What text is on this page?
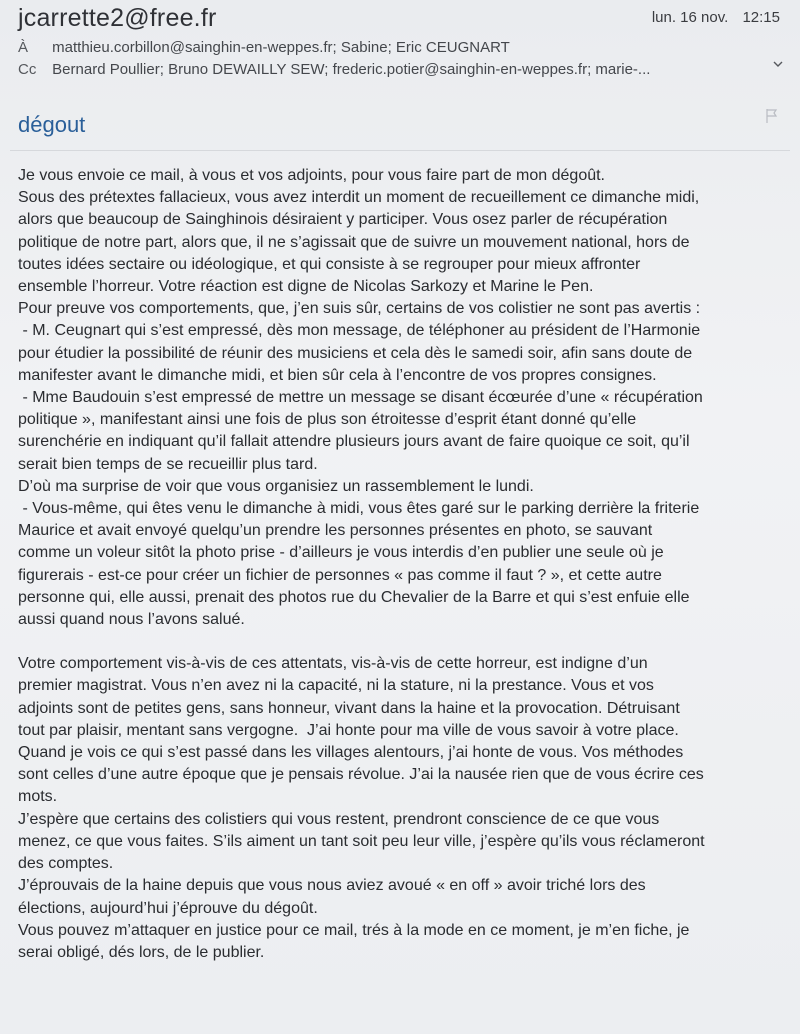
jcarrette2@free.fr	lun. 16 nov. 12:15
À matthieu.corbillon@sainghin-en-weppes.fr; Sabine; Eric CEUGNART
Cc Bernard Poullier; Bruno DEWAILLY SEW; frederic.potier@sainghin-en-weppes.fr; marie-...
dégout

Je vous envoie ce mail, à vous et vos adjoints, pour vous faire part de mon dégoût.

Sous des prétextes fallacieux, vous avez interdit un moment de recueillement ce dimanche midi,

alors que beaucoup de Sainghinois désiraient y participer. Vous osez parler de récupération

politique de notre part, alors que, il ne s’agissait que de suivre un mouvement national, hors de

toutes idées sectaire ou idéologique, et qui consiste à se regrouper pour mieux affronter

ensemble l’horreur. Votre réaction est digne de Nicolas Sarkozy et Marine le Pen.

Pour preuve vos comportements, que, j’en suis sûr, certains de vos colistier ne sont pas avertis :

- M. Ceugnart qui s’est empressé, dès mon message, de téléphoner au président de l’Harmonie

pour étudier la possibilité de réunir des musiciens et cela dès le samedi soir, afin sans doute de

manifester avant le dimanche midi, et bien sûr cela à l’encontre de vos propres consignes.

- Mme Baudouin s’est empressé de mettre un message se disant écœurée d’une « récupération

politique », manifestant ainsi une fois de plus son étroitesse d’esprit étant donné qu’elle

surenchérie en indiquant qu’il fallait attendre plusieurs jours avant de faire quoique ce soit, qu’il

serait bien temps de se recueillir plus tard.

D’où ma surprise de voir que vous organisiez un rassemblement le lundi.

- Vous-même, qui êtes venu le dimanche à midi, vous êtes garé sur le parking derrière la friterie

Maurice et avait envoyé quelqu’un prendre les personnes présentes en photo, se sauvant

comme un voleur sitôt la photo prise - d’ailleurs je vous interdis d’en publier une seule où je

figurerais - est-ce pour créer un fichier de personnes « pas comme il faut ? », et cette autre

personne qui, elle aussi, prenait des photos rue du Chevalier de la Barre et qui s’est enfuie elle

aussi quand nous l’avons salué.

Votre comportement vis-à-vis de ces attentats, vis-à-vis de cette horreur, est indigne d’un

premier magistrat. Vous n’en avez ni la capacité, ni la stature, ni la prestance. Vous et vos

adjoints sont de petites gens, sans honneur, vivant dans la haine et la provocation. Détruisant

tout par plaisir, mentant sans vergogne.  J’ai honte pour ma ville de vous savoir à votre place.

Quand je vois ce qui s’est passé dans les villages alentours, j’ai honte de vous. Vos méthodes

sont celles d’une autre époque que je pensais révolue. J’ai la nausée rien que de vous écrire ces

mots.

J’espère que certains des colistiers qui vous restent, prendront conscience de ce que vous

menez, ce que vous faites. S’ils aiment un tant soit peu leur ville, j’espère qu’ils vous réclameront

des comptes.

J’éprouvais de la haine depuis que vous nous aviez avoué « en off » avoir triché lors des

élections, aujourd’hui j’éprouve du dégoût.

Vous pouvez m’attaquer en justice pour ce mail, trés à la mode en ce moment, je m’en fiche, je

serai obligé, dés lors, de le publier.
